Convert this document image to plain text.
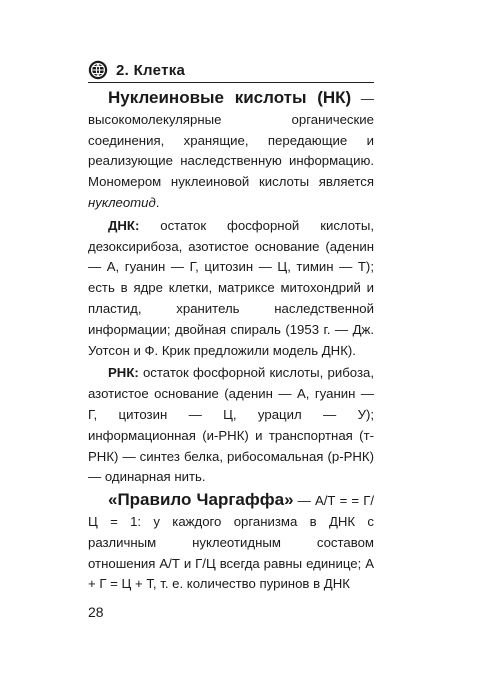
2. Клетка

Нуклеиновые кислоты (НК) — высокомолекулярные органические соединения, хранящие, передающие и реализующие наследственную информацию. Мономером нуклеиновой кислоты является нуклеотид.

ДНК: остаток фосфорной кислоты, дезоксирибоза, азотистое основание (аденин — А, гуанин — Г, цитозин — Ц, тимин — Т); есть в ядре клетки, матриксе митохондрий и пластид, хранитель наследственной информации; двойная спираль (1953 г. — Дж. Уотсон и Ф. Крик предложили модель ДНК).

РНК: остаток фосфорной кислоты, рибоза, азотистое основание (аденин — А, гуанин — Г, цитозин — Ц, урацил — У); информационная (и-РНК) и транспортная (т-РНК) — синтез белка, рибосомальная (р-РНК) — одинарная нить.

«Правило Чаргаффа» — А/Т = = Г/Ц = 1: у каждого организма в ДНК с различным нуклеотидным составом отношения А/Т и Г/Ц всегда равны единице; А + Г = Ц + Т, т. е. количество пуринов в ДНК

28
